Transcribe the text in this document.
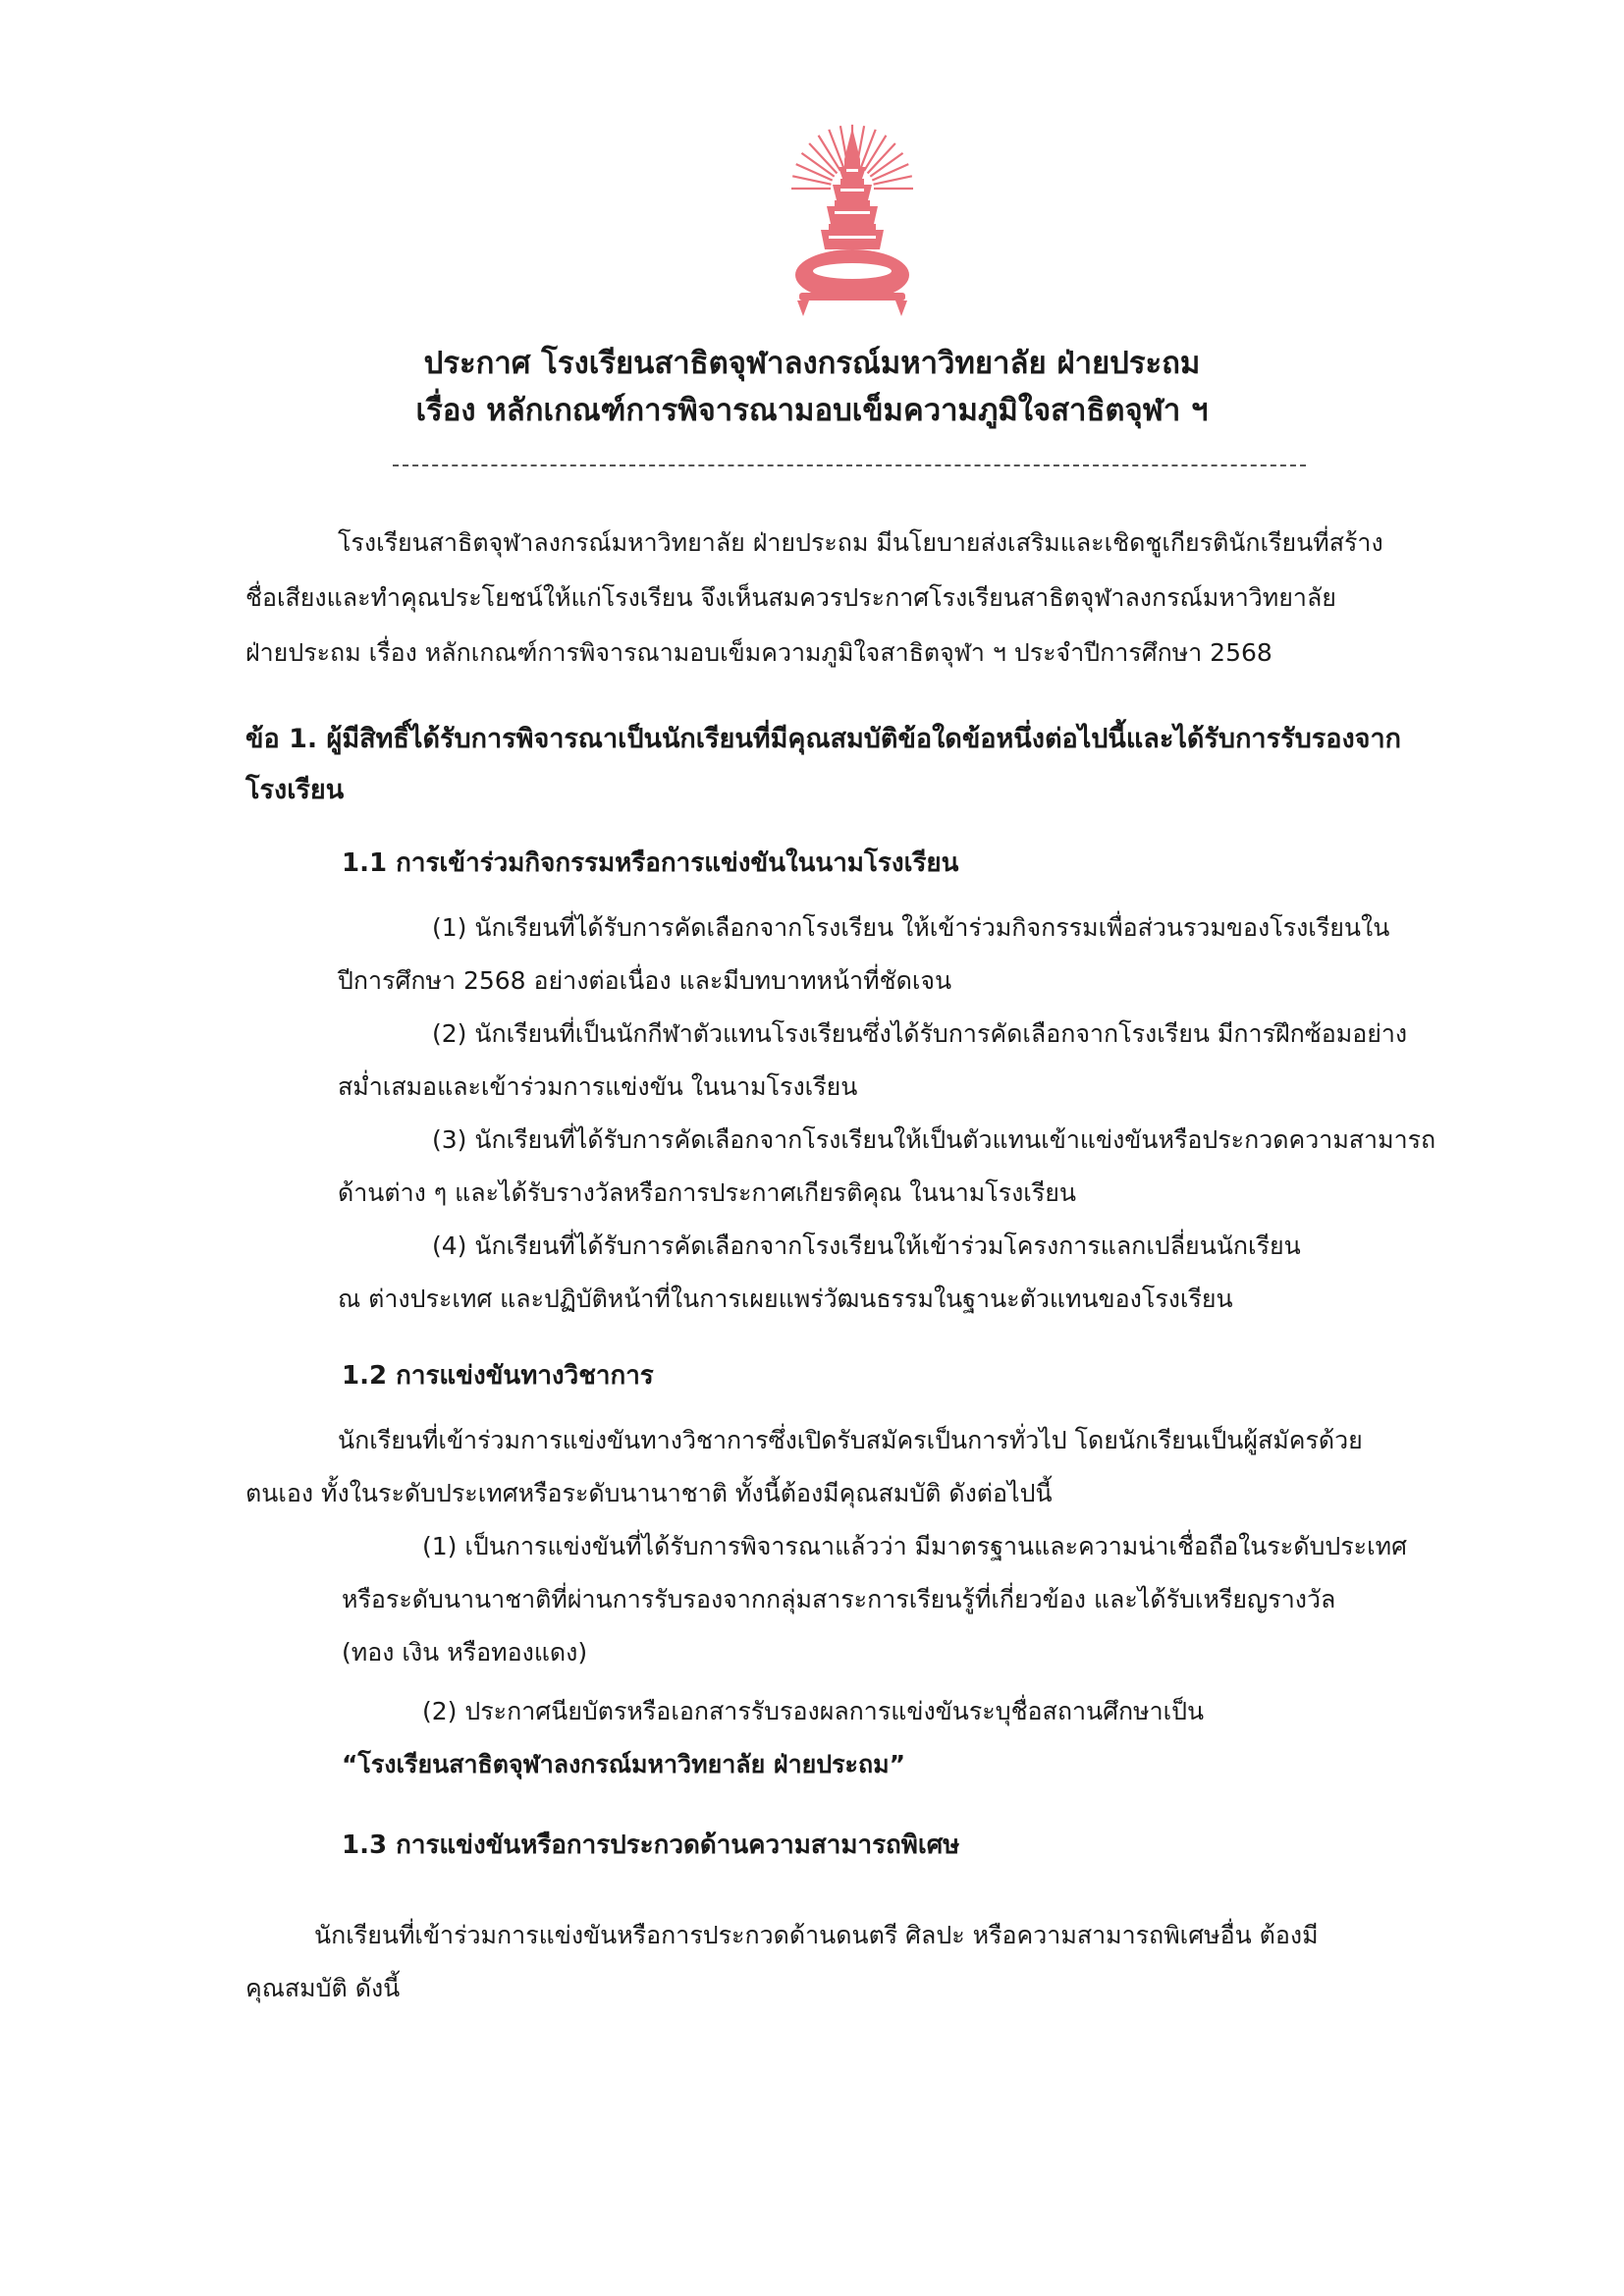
ประกาศ โรงเรียนสาธิตจุฬาลงกรณ์มหาวิทยาลัย ฝ่ายประถม
เรื่อง หลักเกณฑ์การพิจารณามอบเข็มความภูมิใจสาธิตจุฬา ฯ
โรงเรียนสาธิตจุฬาลงกรณ์มหาวิทยาลัย ฝ่ายประถม มีนโยบายส่งเสริมและเชิดชูเกียรตินักเรียนที่สร้าง
ชื่อเสียงและทำคุณประโยชน์ให้แก่โรงเรียน จึงเห็นสมควรประกาศโรงเรียนสาธิตจุฬาลงกรณ์มหาวิทยาลัย
ฝ่ายประถม เรื่อง หลักเกณฑ์การพิจารณามอบเข็มความภูมิใจสาธิตจุฬา ฯ ประจำปีการศึกษา 2568
ข้อ 1. ผู้มีสิทธิ์ได้รับการพิจารณาเป็นนักเรียนที่มีคุณสมบัติข้อใดข้อหนึ่งต่อไปนี้และได้รับการรับรองจาก
โรงเรียน
1.1 การเข้าร่วมกิจกรรมหรือการแข่งขันในนามโรงเรียน
(1) นักเรียนที่ได้รับการคัดเลือกจากโรงเรียน ให้เข้าร่วมกิจกรรมเพื่อส่วนรวมของโรงเรียนใน
ปีการศึกษา 2568 อย่างต่อเนื่อง และมีบทบาทหน้าที่ชัดเจน
(2) นักเรียนที่เป็นนักกีฬาตัวแทนโรงเรียนซึ่งได้รับการคัดเลือกจากโรงเรียน มีการฝึกซ้อมอย่าง
สม่ำเสมอและเข้าร่วมการแข่งขัน ในนามโรงเรียน
(3) นักเรียนที่ได้รับการคัดเลือกจากโรงเรียนให้เป็นตัวแทนเข้าแข่งขันหรือประกวดความสามารถ
ด้านต่าง ๆ และได้รับรางวัลหรือการประกาศเกียรติคุณ ในนามโรงเรียน
(4) นักเรียนที่ได้รับการคัดเลือกจากโรงเรียนให้เข้าร่วมโครงการแลกเปลี่ยนนักเรียน
ณ ต่างประเทศ และปฏิบัติหน้าที่ในการเผยแพร่วัฒนธรรมในฐานะตัวแทนของโรงเรียน
1.2 การแข่งขันทางวิชาการ
นักเรียนที่เข้าร่วมการแข่งขันทางวิชาการซึ่งเปิดรับสมัครเป็นการทั่วไป โดยนักเรียนเป็นผู้สมัครด้วย
ตนเอง ทั้งในระดับประเทศหรือระดับนานาชาติ ทั้งนี้ต้องมีคุณสมบัติ ดังต่อไปนี้
(1) เป็นการแข่งขันที่ได้รับการพิจารณาแล้วว่า มีมาตรฐานและความน่าเชื่อถือในระดับประเทศ
หรือระดับนานาชาติที่ผ่านการรับรองจากกลุ่มสาระการเรียนรู้ที่เกี่ยวข้อง และได้รับเหรียญรางวัล
(ทอง เงิน หรือทองแดง)
(2) ประกาศนียบัตรหรือเอกสารรับรองผลการแข่งขันระบุชื่อสถานศึกษาเป็น
“โรงเรียนสาธิตจุฬาลงกรณ์มหาวิทยาลัย ฝ่ายประถม”
1.3 การแข่งขันหรือการประกวดด้านความสามารถพิเศษ
นักเรียนที่เข้าร่วมการแข่งขันหรือการประกวดด้านดนตรี ศิลปะ หรือความสามารถพิเศษอื่น ต้องมี
คุณสมบัติ ดังนี้
